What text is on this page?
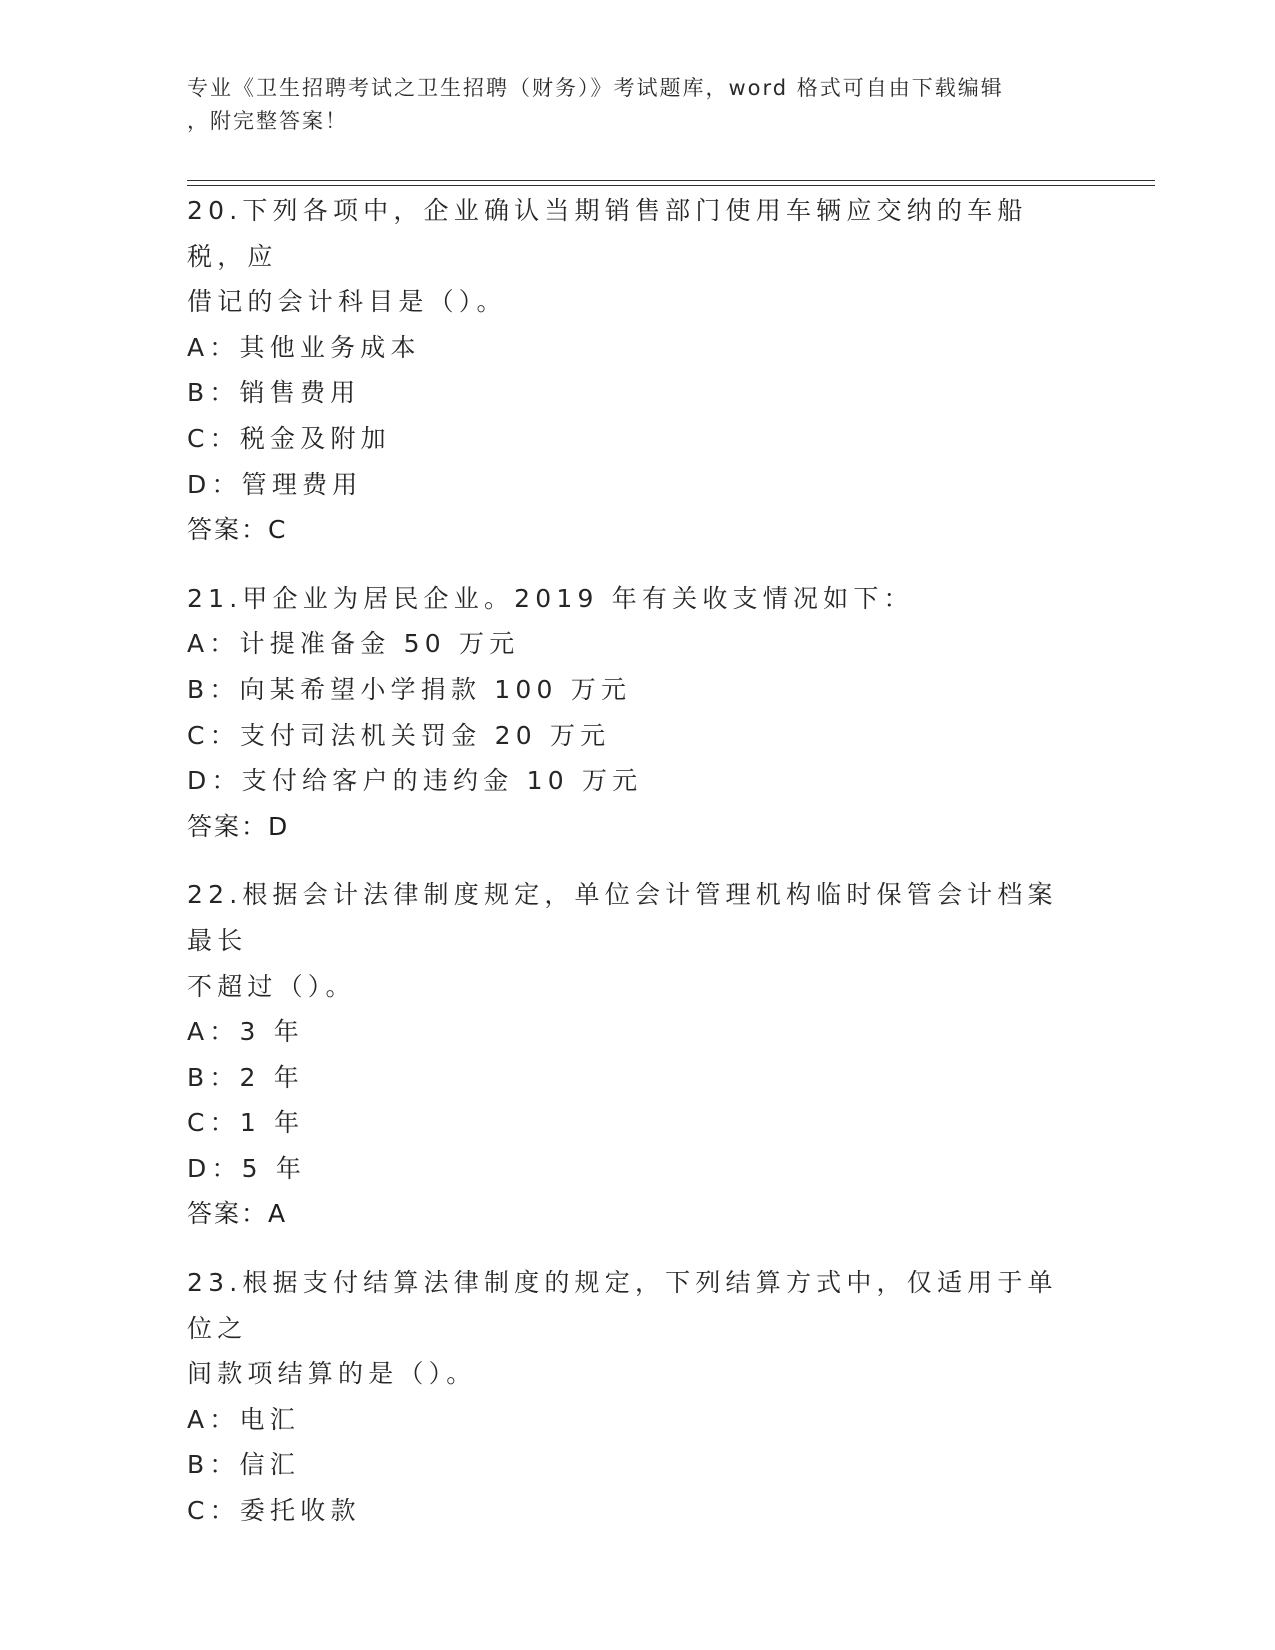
专业《卫生招聘考试之卫生招聘（财务）》考试题库，word 格式可自由下载编辑
，附完整答案！
20.下列各项中，企业确认当期销售部门使用车辆应交纳的车船税，应
借记的会计科目是（）。
A：其他业务成本
B：销售费用
C：税金及附加
D：管理费用
答案：C
21.甲企业为居民企业。2019 年有关收支情况如下：
A：计提准备金 50 万元
B：向某希望小学捐款 100 万元
C：支付司法机关罚金 20 万元
D：支付给客户的违约金 10 万元
答案：D
22.根据会计法律制度规定，单位会计管理机构临时保管会计档案最长
不超过（）。
A：3 年
B：2 年
C：1 年
D：5 年
答案：A
23.根据支付结算法律制度的规定，下列结算方式中，仅适用于单位之
间款项结算的是（）。
A：电汇
B：信汇
C：委托收款
